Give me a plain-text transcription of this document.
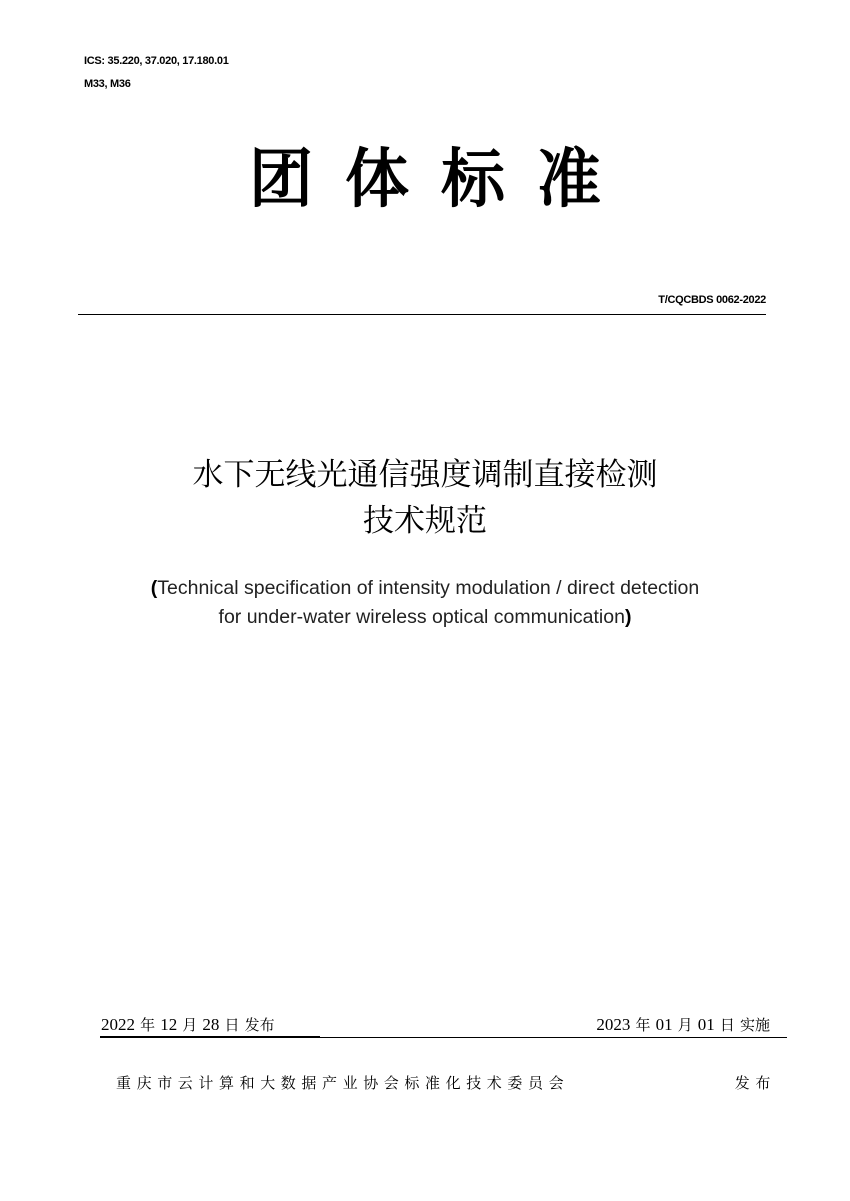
ICS: 35.220, 37.020, 17.180.01
M33, M36
团体标准
T/CQCBDS 0062-2022
水下无线光通信强度调制直接检测
技术规范
(Technical specification of intensity modulation / direct detection
for under-water wireless optical communication)
2022 年 12 月 28 日 发布	2023 年 01 月 01 日 实施
重庆市云计算和大数据产业协会标准化技术委员会	发布
